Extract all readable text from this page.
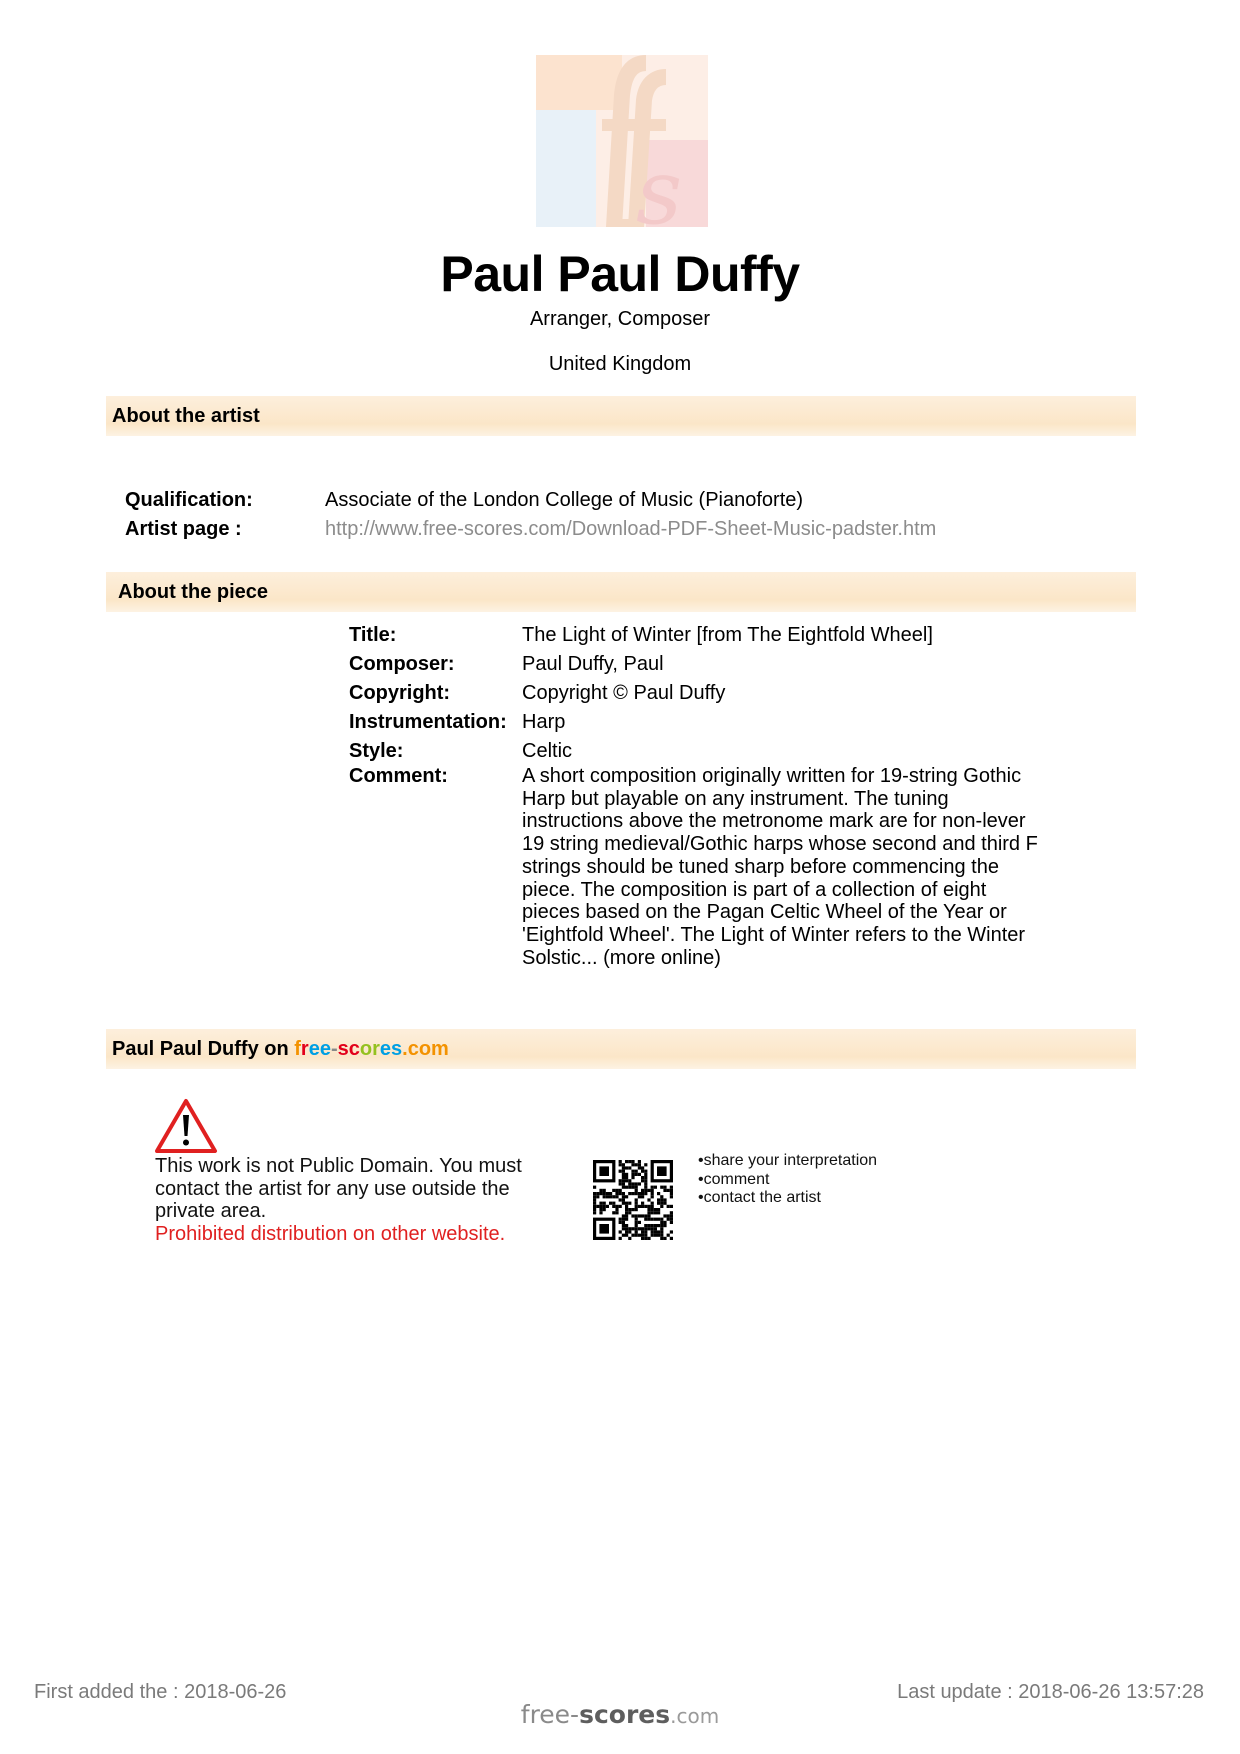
s
Paul Paul Duffy
Arranger, Composer
United Kingdom
About the artist
Qualification:	Associate of the London College of Music (Pianoforte)
Artist page :	http://www.free-scores.com/Download-PDF-Sheet-Music-padster.htm
About the piece
Title:	The Light of Winter [from The Eightfold Wheel]
Composer:	Paul Duffy, Paul
Copyright:	Copyright © Paul Duffy
Instrumentation: Harp
Style:	Celtic
Comment:	A short composition originally written for 19-string Gothic Harp but playable on any instrument. The tuning instructions above the metronome mark are for non-lever 19 string medieval/Gothic harps whose second and third F strings should be tuned sharp before commencing the piece. The composition is part of a collection of eight pieces based on the Pagan Celtic Wheel of the Year or 'Eightfold Wheel'. The Light of Winter refers to the Winter Solstic... (more online)
Paul Paul Duffy on free-scores.com
This work is not Public Domain. You must contact the artist for any use outside the private area.
Prohibited distribution on other website.
• share your interpretation
• comment
• contact the artist
First added the : 2018-06-26	Last update : 2018-06-26 13:57:28
free-scores.com
